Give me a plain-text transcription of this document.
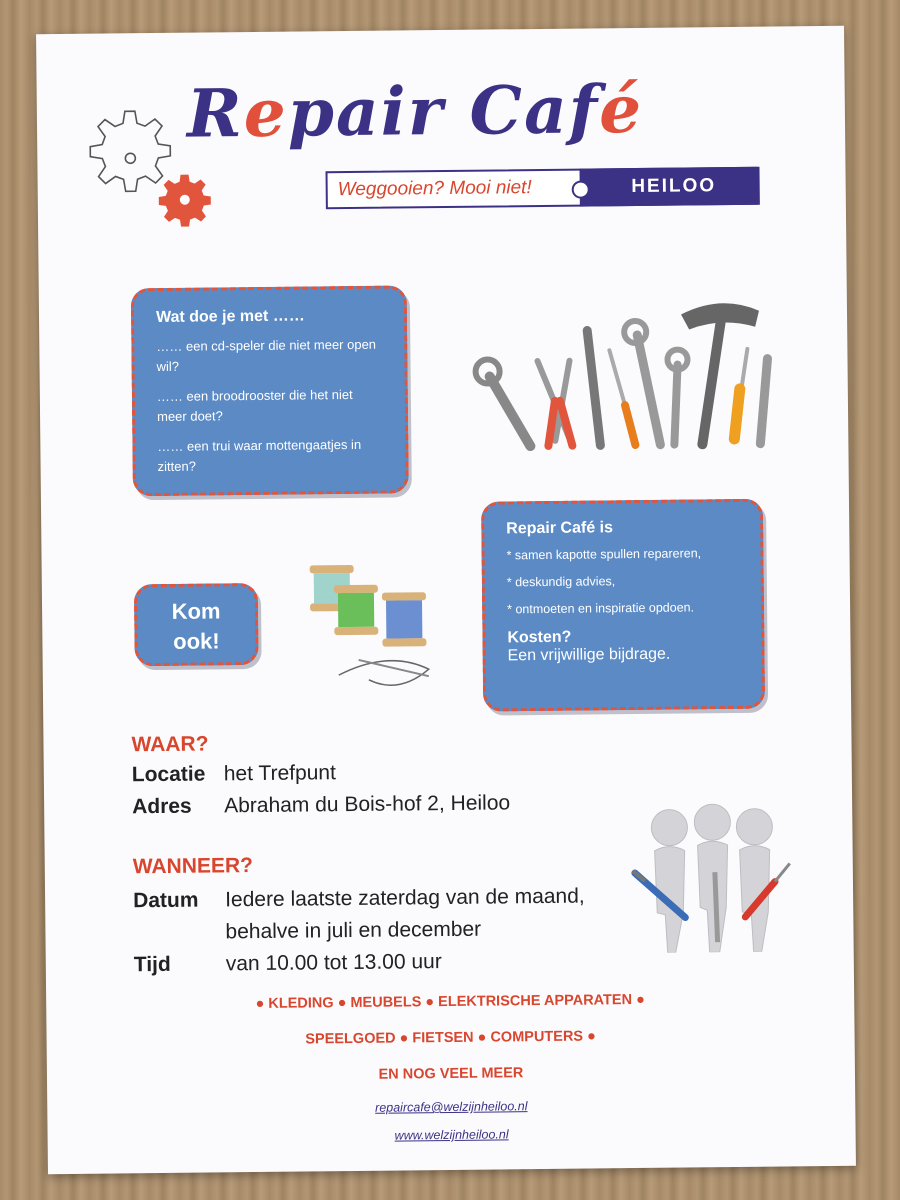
Repair Café
Weggooien? Mooi niet!	HEILOO
Wat doe je met ……

…… een cd-speler die niet meer open wil?

…… een broodrooster die het niet meer doet?

…… een trui waar mottengaatjes in zitten?

Kom
ook!
Repair Café is
* samen kapotte spullen repareren,
* deskundig advies,
* ontmoeten en inspiratie opdoen.
Kosten?
Een vrijwillige bijdrage.
WAAR?
Locatie het Trefpunt
Adres Abraham du Bois-hof 2, Heiloo
WANNEER?
Datum Iedere laatste zaterdag van de maand,
behalve in juli en december
Tijd	van 10.00 tot 13.00 uur
● KLEDING ● MEUBELS ● ELEKTRISCHE APPARATEN ●
SPEELGOED ● FIETSEN ● COMPUTERS ●
EN NOG VEEL MEER
repaircafe@welzijnheiloo.nl
www.welzijnheiloo.nl
